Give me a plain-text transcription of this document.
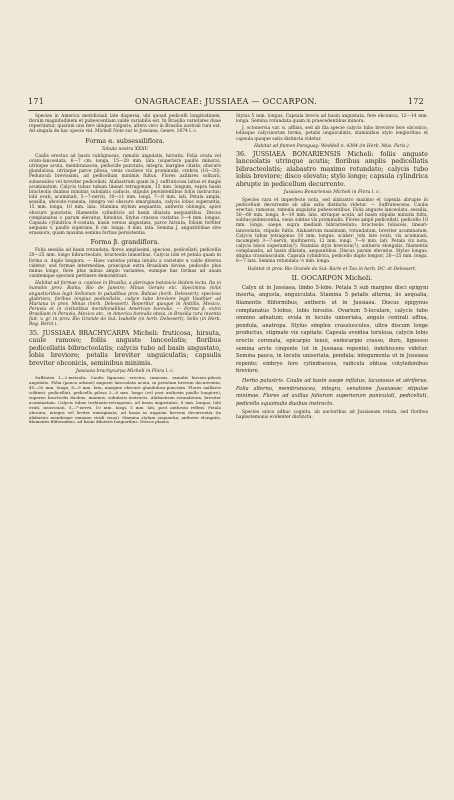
171	ONAGRACEAE: JUSSIAEA — OCCARPON.	172

Species in America meridionali late dispersa, ubi quoad pedicelli longitudinem, florum magnitudinem et pubescentiam valde variabilis est. In Brasilia varietates duae reperiuntur, quarum una fere ubique vulgaris, altera vero in Brasilia australi rara est. Ad singula de hac specie vid. Michell Note sur le Jussiaea, Genev. 1874 l. c.

Forma α. subsessiliflora.

Tabula nostra XXXV.

Caulis erectus ad basin sublignosus, ramulis angulatis, hirsutis. Folia ovata vel ovato-lanceolata, 6—7 cm. longa, 15—20 mm. lata (superiora paullo minora), utrinque acuta, membranacea, pellucide punctata, integra, margine ciliata, obscure glandulosa, utrinque parce pilosa, venis costisve vix prominulis, crebris (18—20). Pedunculi brevissimi, ad pedicellum minimis fultus. Flores axillares solitarii, subsessiles vel breviter pedicellati. Alabastrum quam in J. suffruticosa latius et magis acuminatum. Calycis tubus tubum lineari tetragonum, 15 mm. longum, supra basin bracteolis duabus minimis subulatis caducis, stipulis persistentibus foliis instructus; lobi ovati, acuminati, 5—7-nervii, 10—11 mm. longi, 7—8 mm. lati. Petala ampla, sessilia, obovato-cuneata, integra vel obscure emarginata, calycis lobos superantia, 15 mm. longa, 10 mm. lata. Stamina stylum aequantia, antheris oblongis, apice obscure punctatis, filamentis cylindricis ad basin dilatata aequantibus. Discus complanatus v. parum elevatus, hirsutus. Stylus crassus costatus 3—4 mm. longus. Capsula cylindrica 8-costata, basin versus angustata, parce hirsuta, folium fortiter aequans v. paullo superans, 6 cm. longa, 4 mm. lata. Semina J. angustifoliae sive erassiora, quam maxima semina fortius persistentia.

Forma β. grandiflora.

Folia sessilia ad basin rotundata; flores amplissimi, speciosi, pedicellati, pedicellis 20—25 mm. longo bibracteolato, bracteolis linearibus. Calycis lobi et petala quam in forma α. duplo longiora. — Haec varietas prima intuitu a varietate α valde diversa videtur; sed formae intermediae, praecipue extra Brasiliam obviae, pedicello plus minus longo, flore plus minus amplo variantes, eumque has formas ad unam candemque speciem pertinere demonstrant.

Habitat ad formae α. copiose in Brasilia, a plerisque botanicis ibidem lecta. Ita in humidis prov. Bahia; Rio de Janeiro; Minas Geraës etc. Specimina foliis angustioribus legit Selloman in paludibus prov. Bahiae (herb. Delessert); speciosa glabriora, foribus longius pedicellatis, calyce tubo breviore legit Vauthier ad Mariana in prov. Minas (herb. Delessert). Reperitur quoque in Antillis, Mexico, Peruvia et in civitatibus meridionalibus Americae borealis. — Forma β. extra Brasiliam in Peruvia, Mexico etc., in America borealis obvia, in Brasilia rara inventa fuit, v. gr. in prov. Rio Grande do Sul: Isabelle (in herb. Delessert), Sello (in Herb. Reg. Berol.).

35. JUSSIAEA BRACHYCARPA Micheli: fruticosa, hirsuta, caule ramoso; foliis anguste lanceolatis; floribus pedicellatis bibracteolatis; calycis tubo ad basin angustato, lobis breviore; petalis breviter unguiculatis; capsulis breviter obconicis, seminibus minimis.

Jussiaea brachycarpa Micheli in Flora l. c.

Suffrutex 1—2-metralis. Caulis lignosus, erectus, ramosus, ramulis hirsuto-pilosis angulatis. Folia (pauca adsunt) anguste lanceolata acuta, in petiolum brevem decurrentia, 45—50 mm. longa, 8—9 mm. lata, margine obscure glanduloso-punctata. Flores axillares solitarii, pedicellati, pedicello pilosa 5—8 mm. longo (vel post anthesin paullo longiore), superne bracteolis duobus, minimis, subulatis instructo. Alabastrum rotundatum, breviter acuminatum. Calycis tubus turbinato-tetragonus, ad basin angustatus, 8 mm. longus; lobi ovati, mucronati, 5—7-nervii, 10 mm. longi, 5 mm. lati, post anthesin reflexi. Petala obovata, integra vel leviter emarginata, ad basin in unguem brevem decurrentia (in alabastro membrane emmine viridi visus). Stamina stylum aequantia, antheris elongatis, filamentis filiformibus, ad basin dilatatis longioribus. Discus planus

Stylus 5 mm. longus. Capsula brevis ad basin angustata, fere obconica, 12—14 mm. longa. Semina rotundata quam in praecedentibus minora.

J. octonervia var. α. affinis, sed ab illa specie calycis tubo breviore fere obconico, lobisque calycinorum forma, petalis unguiculatis, staminibus stylo longioribus et capsula quoque satis distincta videtur.

Habitat ad flumen Paraguay: Weddell n. 4384 (in Herb. Mus. Paris.).

36. JUSSIAEA BONARIENSIS Micheli: foliis anguste lanceolatis utrinque acutis; floribus amplis pedicellatis bibracteolatis; alabastro maximo rotundato; calycis tubo lobis breviore; disco elevato; stylo longo; capsula cylindrica abrupte in pedicellum decurrente.

Jussiaea Bonariensis Micheli in Flora l. c.

Species rara et imperfecte nota, sed alabastro maximo et capsula abrupte in pedicellum decurrente ab aliis satis distincta videtur. — Suffrutescens. Caulis erectus, ramosus, ramulis angulatis pubescentibus. Folia anguste lanceolata, sessilia, 50—60 mm. longa, 8—10 mm. lata, utrinque acuta, ad basin stipulis minutis fulta, subtus-pubescentia, venis subtus vix prominulis. Flores ampli pedicellati, pedicello 10 mm. longo, saepe, supra medium bibracteolato; bracteolis foliaceis, lineari-lanceolatis, stipulis fultis. Alabastrum maximum, rotundatum, breviter acuminatum. Calycis tubus tetragonus 10 mm. longus, scaber; lobi late ovati, vix acuminati, incompleti 3—7-nervii, multinervii, 12 mm. longi, 7—8 mm. lati. Petala vix nota, calycis lobos superantia(?). Stamina stylo breviora(?), antheris elongatis, filamentis complanatis, ad basin dilatata, aequantibus. Discus parum elevatus. Stylus longus, stigma crassiusculum. Capsula cylindrica, pedicello duplo longior, 20—25 mm. longa, 6—7 lata. Semina rotundata ½ mm. longa.

Habitat in prov. Rio Grande do Sul: Barle et Tou in herb. DC. et Delessert.

II. OOCARPON Micheli.

Calyx ut in Jussiaea, limbo 5-lobo. Petala 5 sub margine disci epigyni inserta, angusta, unguiculata. Stamina 5 petalis alterna, iis aequalia, filamentis filiformibus, antheris ut in Jussiaea. Discus epigynus complanatus 5-lobus, lobis hirsutis. Ovarium 5-loculare, calycis tubo omnino adnatum; ovula in loculis uniseriata, angulo centrali affixa, pendula, anatropa. Stylus simplex crassiusculus, ultra discum longe productus, stigmate vix capitato. Capsula ovoidea torulosa, calycis lobis erectis coronata, epicarpio tenui, endocarpio crasso, duro, ligneoso semina arcte cingente (ut in Jussiaea repente), indehiscens videtur. Semina pauca, in loculis uniseriata, pendula; integumenta ut in Jussiaea repente; embryo fere cylindraceus, radicula obtusa cotyledonibus breviore.

Herba palustris. Caulis ad basin saepe inflatus, lacunosus et aëriferus. Folia alterna, membranacea, integra, venatione Jussiaeae; stipulae minimae. Flores ad axillas foliorum superiorum paniculati, pedicellati, pedicello squamulis duabus instructo.

Species unica adhuc cognita, ab auctoribus ad Jussiaeam relata, sed floribus haplostemonis evidenter distincta.
